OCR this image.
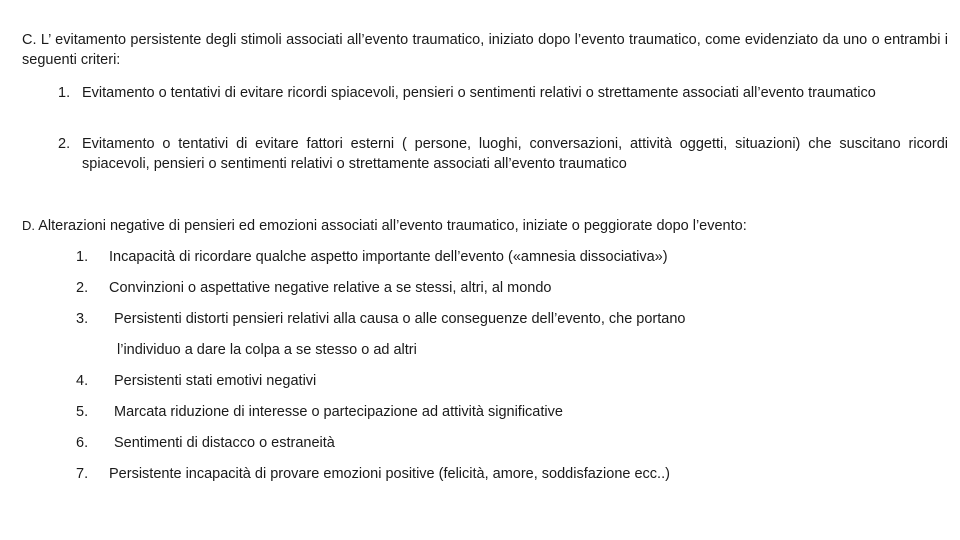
C. L’ evitamento persistente degli stimoli associati all’evento traumatico, iniziato dopo l’evento traumatico, come evidenziato da uno o entrambi i seguenti criteri:
1. Evitamento o tentativi di evitare ricordi spiacevoli, pensieri o sentimenti relativi o strettamente associati all’evento traumatico
2. Evitamento o tentativi di evitare fattori esterni ( persone, luoghi, conversazioni, attività oggetti, situazioni) che suscitano ricordi spiacevoli, pensieri o sentimenti relativi o strettamente associati all’evento traumatico
D. Alterazioni negative di pensieri ed emozioni associati all’evento traumatico, iniziate o peggiorate dopo l’evento:
1. Incapacità di ricordare qualche aspetto importante dell’evento («amnesia dissociativa»)
2. Convinzioni o aspettative negative relative a se stessi, altri, al mondo
3. Persistenti distorti pensieri relativi alla causa o alle conseguenze dell’evento, che portano
l’individuo a dare la colpa a se stesso o ad altri
4. Persistenti stati emotivi negativi
5. Marcata riduzione di interesse o partecipazione ad attività significative
6. Sentimenti di distacco o estraneità
7. Persistente incapacità di provare emozioni positive (felicità, amore, soddisfazione ecc..)
